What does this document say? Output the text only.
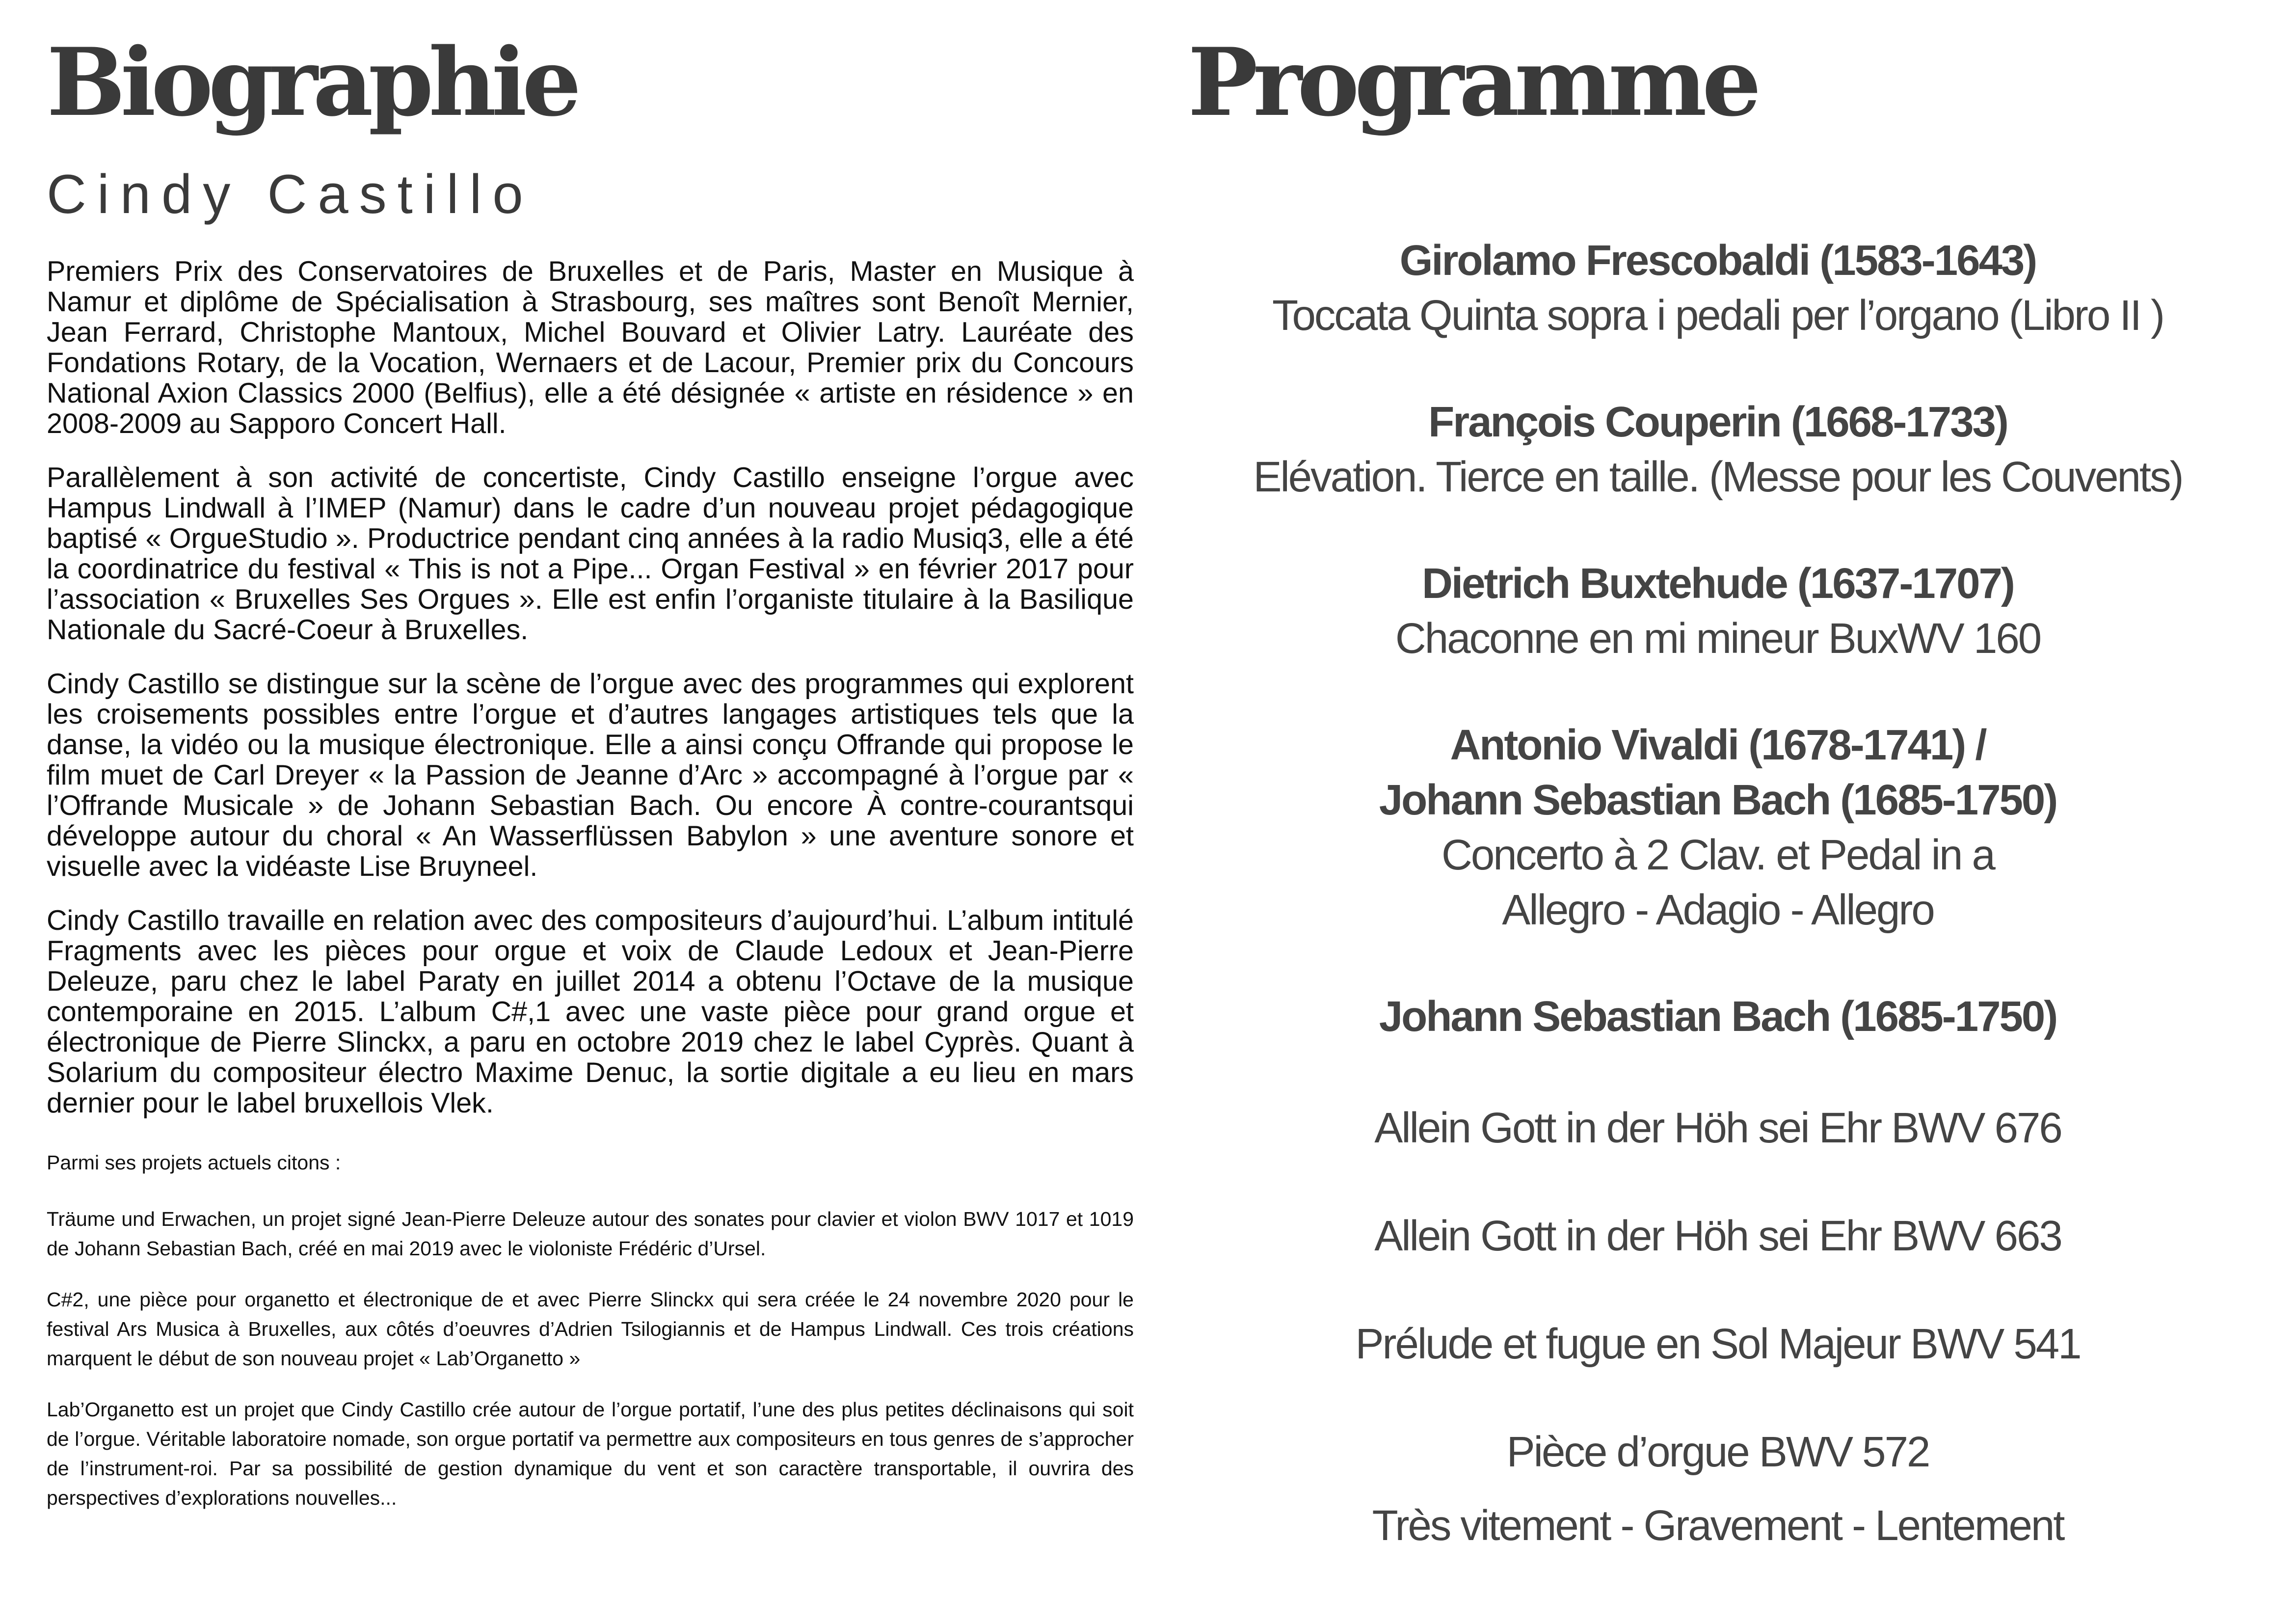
Biographie
Cindy Castillo

Premiers Prix des Conservatoires de Bruxelles et de Paris, Master en Musique à Namur et diplôme de Spécialisation à Strasbourg, ses maîtres sont Benoît Mernier, Jean Ferrard, Christophe Mantoux, Michel Bouvard et Olivier Latry. Lauréate des Fondations Rotary, de la Vocation, Wernaers et de Lacour, Premier prix du Concours National Axion Classics 2000 (Belfius), elle a été désignée « artiste en résidence » en 2008-2009 au Sapporo Concert Hall.

Parallèlement à son activité de concertiste, Cindy Castillo enseigne l’orgue avec Hampus Lindwall à l’IMEP (Namur) dans le cadre d’un nouveau projet pédagogique baptisé « OrgueStudio ». Productrice pendant cinq années à la radio Musiq3, elle a été la coordinatrice du festival « This is not a Pipe... Organ Festival » en février 2017 pour l’association « Bruxelles Ses Orgues ». Elle est enfin l’organiste titulaire à la Basilique Nationale du Sacré-Coeur à Bruxelles.

Cindy Castillo se distingue sur la scène de l’orgue avec des programmes qui explorent les croisements possibles entre l’orgue et d’autres langages artistiques tels que la danse, la vidéo ou la musique électronique. Elle a ainsi conçu Offrande qui propose le film muet de Carl Dreyer « la Passion de Jeanne d’Arc » accompagné à l’orgue par « l’Offrande Musicale » de Johann Sebastian Bach. Ou encore À contre-courantsqui développe autour du choral « An Wasserflüssen Babylon » une aventure sonore et visuelle avec la vidéaste Lise Bruyneel.

Cindy Castillo travaille en relation avec des compositeurs d’aujourd’hui. L’album intitulé Fragments avec les pièces pour orgue et voix de Claude Ledoux et Jean-Pierre Deleuze, paru chez le label Paraty en juillet 2014 a obtenu l’Octave de la musique contemporaine en 2015. L’album C#,1 avec une vaste pièce pour grand orgue et électronique de Pierre Slinckx, a paru en octobre 2019 chez le label Cyprès. Quant à Solarium du compositeur électro Maxime Denuc, la sortie digitale a eu lieu en mars dernier pour le label bruxellois Vlek.

Parmi ses projets actuels citons :

Träume und Erwachen, un projet signé Jean-Pierre Deleuze autour des sonates pour clavier et violon BWV 1017 et 1019 de Johann Sebastian Bach, créé en mai 2019 avec le violoniste Frédéric d’Ursel.

C#2, une pièce pour organetto et électronique de et avec Pierre Slinckx qui sera créée le 24 novembre 2020 pour le festival Ars Musica à Bruxelles, aux côtés d’oeuvres d’Adrien Tsilogiannis et de Hampus Lindwall. Ces trois créations marquent le début de son nouveau projet « Lab’Organetto »

Lab’Organetto est un projet que Cindy Castillo crée autour de l’orgue portatif, l’une des plus petites déclinaisons qui soit de l’orgue. Véritable laboratoire nomade, son orgue portatif va permettre aux compositeurs en tous genres de s’approcher de l’instrument-roi. Par sa possibilité de gestion dynamique du vent et son caractère transportable, il ouvrira des perspectives d’explorations nouvelles...

Programme
Girolamo Frescobaldi (1583-1643)
Toccata Quinta sopra i pedali per l’organo (Libro II )
François Couperin (1668-1733)
Elévation. Tierce en taille. (Messe pour les Couvents)
Dietrich Buxtehude (1637-1707)
Chaconne en mi mineur BuxWV 160
Antonio Vivaldi (1678-1741) /
Johann Sebastian Bach (1685-1750)
Concerto à 2 Clav. et Pedal in a
Allegro - Adagio - Allegro
Johann Sebastian Bach (1685-1750)
Allein Gott in der Höh sei Ehr BWV 676
Allein Gott in der Höh sei Ehr BWV 663
Prélude et fugue en Sol Majeur BWV 541
Pièce d’orgue BWV 572
Très vitement - Gravement - Lentement
